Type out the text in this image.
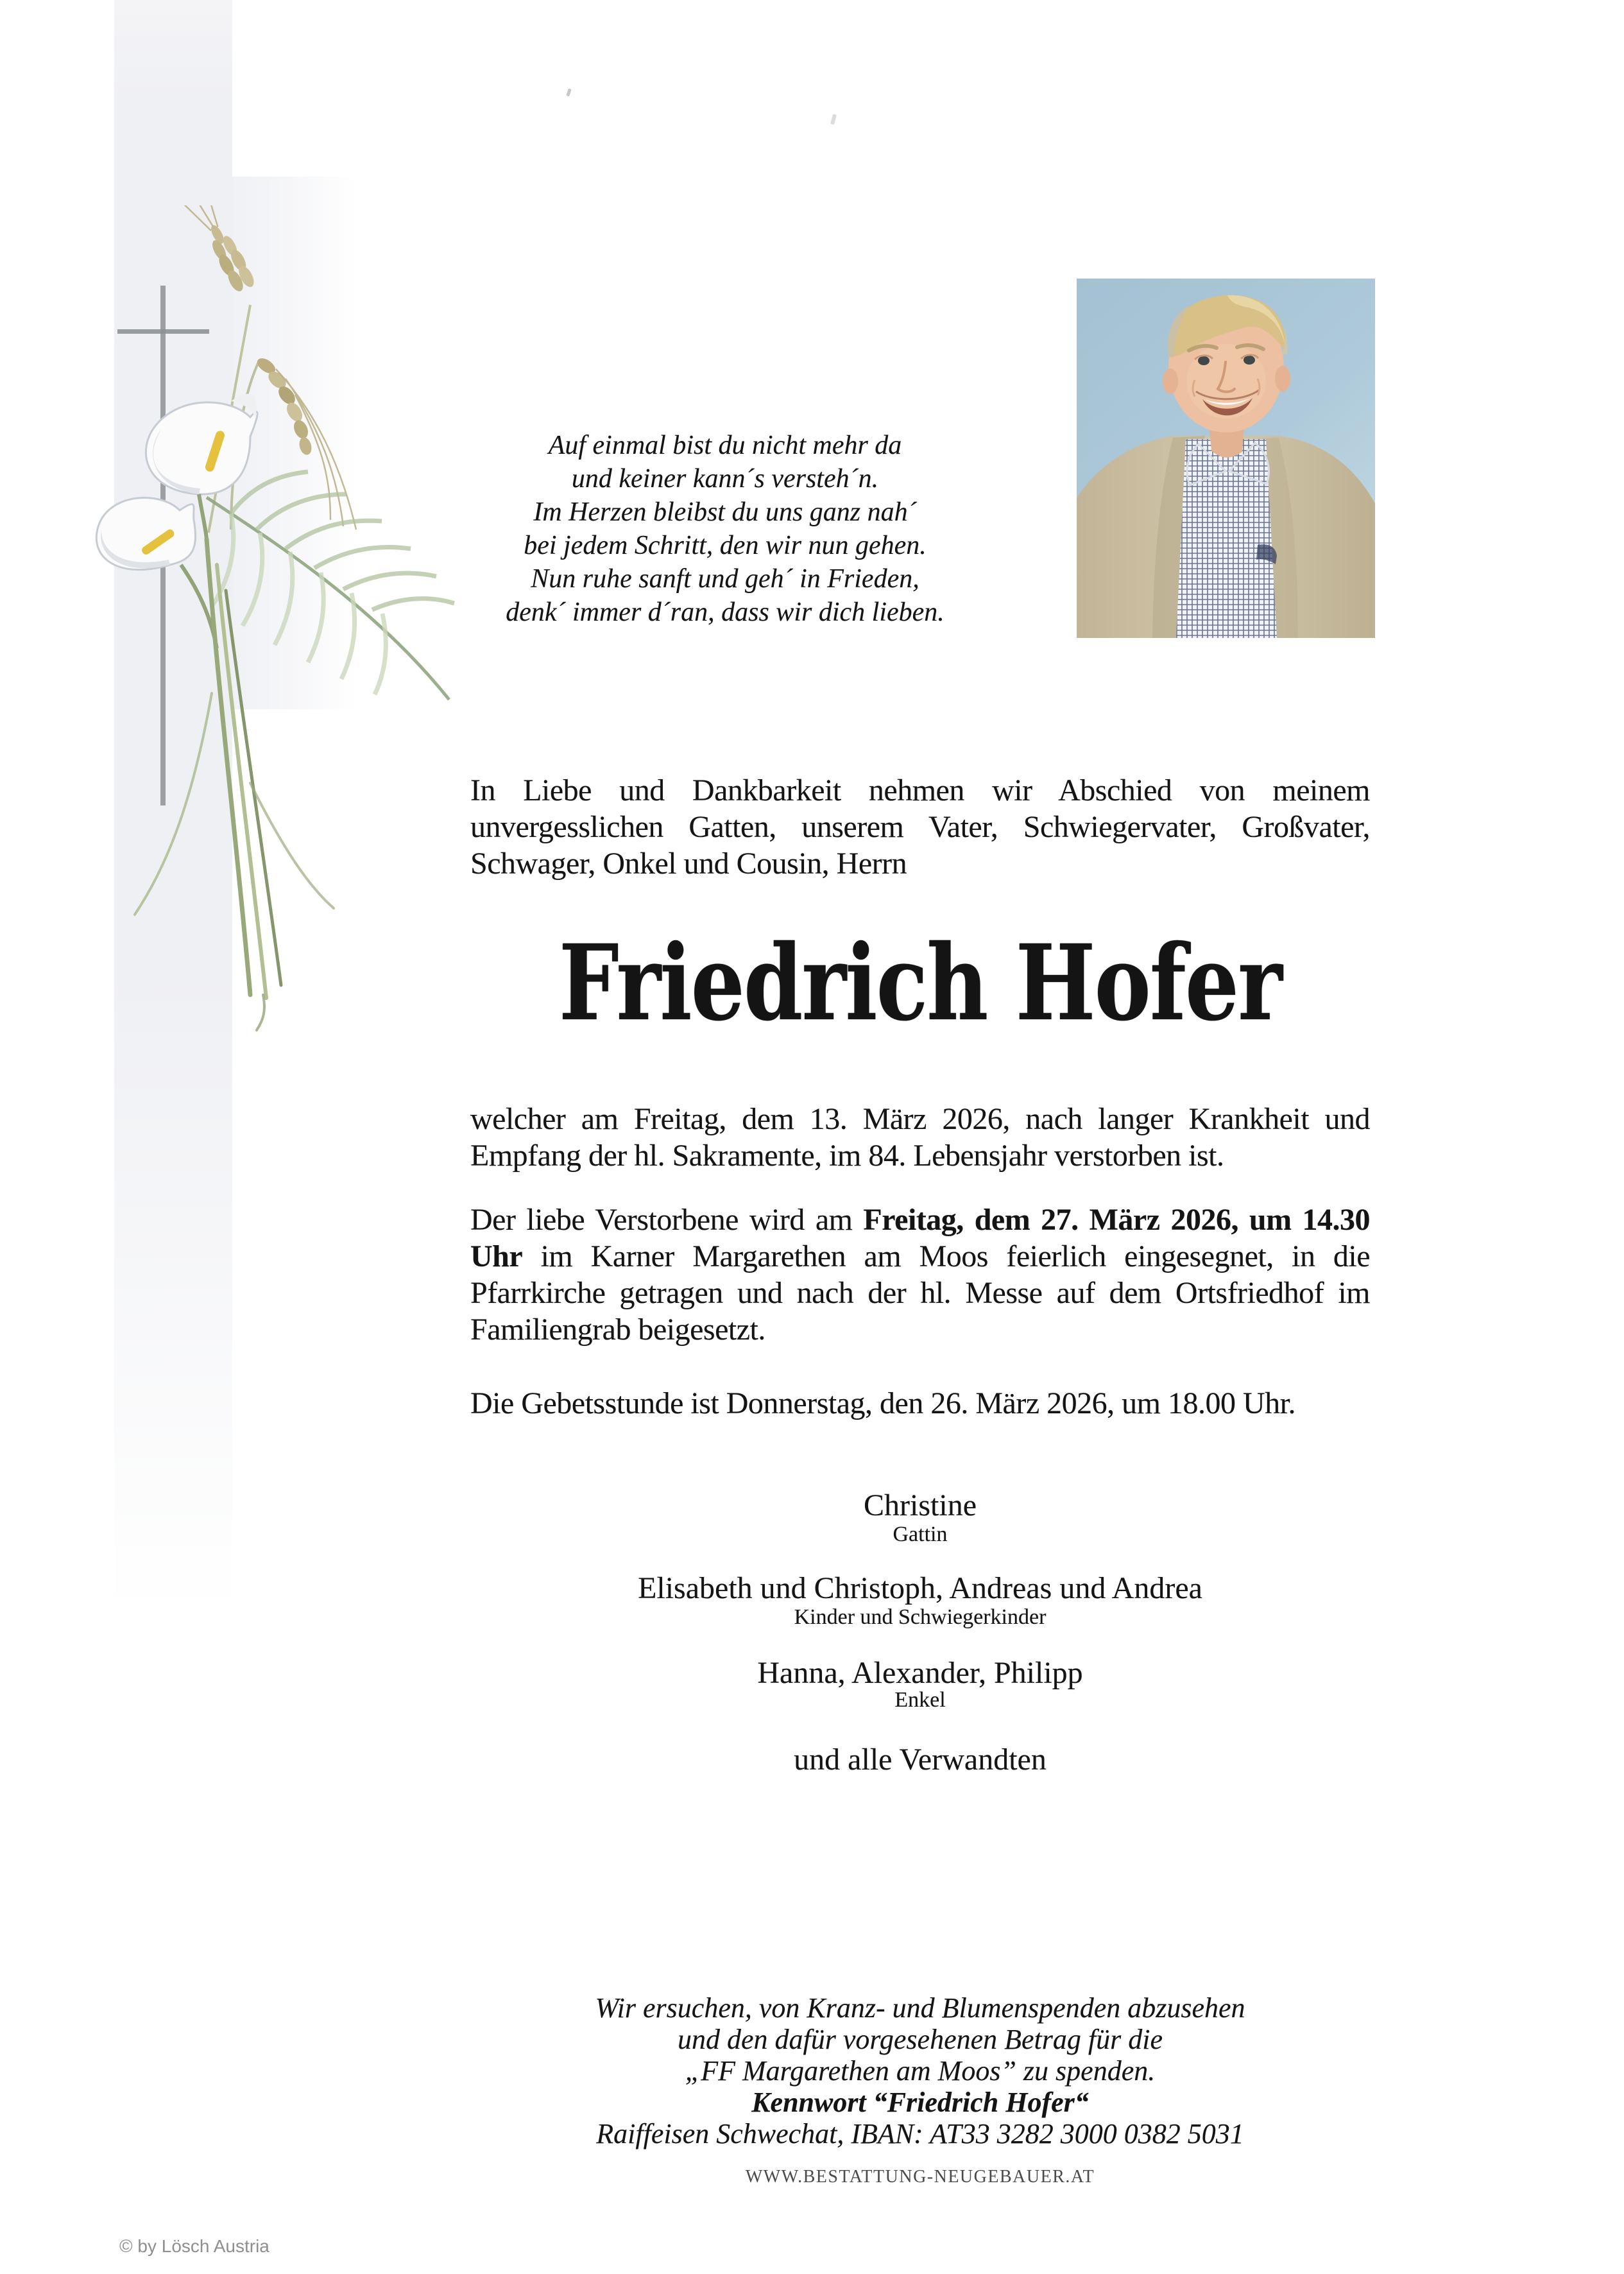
Auf einmal bist du nicht mehr da
und keiner kann´s versteh´n.
Im Herzen bleibst du uns ganz nah´
bei jedem Schritt, den wir nun gehen.
Nun ruhe sanft und geh´ in Frieden,
denk´ immer d´ran, dass wir dich lieben.

In Liebe und Dankbarkeit nehmen wir Abschied von meinem unvergesslichen Gatten, unserem Vater, Schwiegervater, Großvater, Schwager, Onkel und Cousin, Herrn

Friedrich Hofer

welcher am Freitag, dem 13. März 2026, nach langer Krankheit und Empfang der hl. Sakramente, im 84. Lebensjahr verstorben ist.

Der liebe Verstorbene wird am Freitag, dem 27. März 2026, um 14.30 Uhr im Karner Margarethen am Moos feierlich eingesegnet, in die Pfarrkirche getragen und nach der hl. Messe auf dem Ortsfriedhof im Familiengrab beigesetzt.

Die Gebetsstunde ist Donnerstag, den 26. März 2026, um 18.00 Uhr.

Christine

Gattin

Elisabeth und Christoph, Andreas und Andrea

Kinder und Schwiegerkinder

Hanna, Alexander, Philipp

Enkel

und alle Verwandten

Wir ersuchen, von Kranz- und Blumenspenden abzusehen
und den dafür vorgesehenen Betrag für die
„FF Margarethen am Moos” zu spenden.
Kennwort “Friedrich Hofer“
Raiffeisen Schwechat, IBAN: AT33 3282 3000 0382 5031
WWW.BESTATTUNG-NEUGEBAUER.AT
© by Lösch Austria
